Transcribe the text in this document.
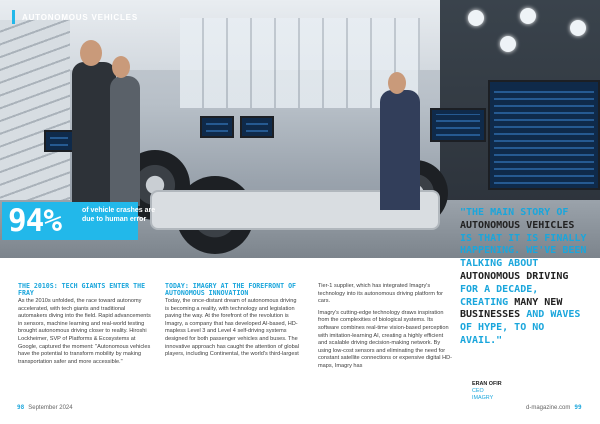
AUTONOMOUS VEHICLES
94%	of vehicle crashes are due to human error
THE 2010S: TECH GIANTS ENTER THE FRAY

As the 2010s unfolded, the race toward autonomy accelerated, with tech giants and traditional automakers diving into the field. Rapid advancements in sensors, machine learning and real-world testing brought autonomous driving closer to reality. Hiroshi Lockheimer, SVP of Platforms & Ecosystems at Google, captured the moment: "Autonomous vehicles have the potential to transform mobility by making transportation safer and more accessible."

TODAY: IMAGRY AT THE FOREFRONT OF AUTONOMOUS INNOVATION

Today, the once-distant dream of autonomous driving is becoming a reality, with technology and legislation paving the way. At the forefront of the revolution is Imagry, a company that has developed AI-based, HD-mapless Level 3 and Level 4 self-driving systems designed for both passenger vehicles and buses. The innovative approach has caught the attention of global players, including Continental, the world's third-largest

Tier-1 supplier, which has integrated Imagry's technology into its autonomous driving platform for cars.

Imagry's cutting-edge technology draws inspiration from the complexities of biological systems. Its software combines real-time vision-based perception with imitation-learning AI, creating a highly efficient and scalable driving decision-making network. By using low-cost sensors and eliminating the need for constant satellite connections or expensive digital HD-maps, Imagry has

"THE MAIN STORY OF AUTONOMOUS VEHICLES IS THAT IT IS FINALLY HAPPENING. WE'VE BEEN TALKING ABOUT AUTONOMOUS DRIVING FOR A DECADE, CREATING MANY NEW BUSINESSES AND WAVES OF HYPE, TO NO AVAIL."
ERAN OFIR
CEO
IMAGRY
98 September 2024	d-magazine.com 99
